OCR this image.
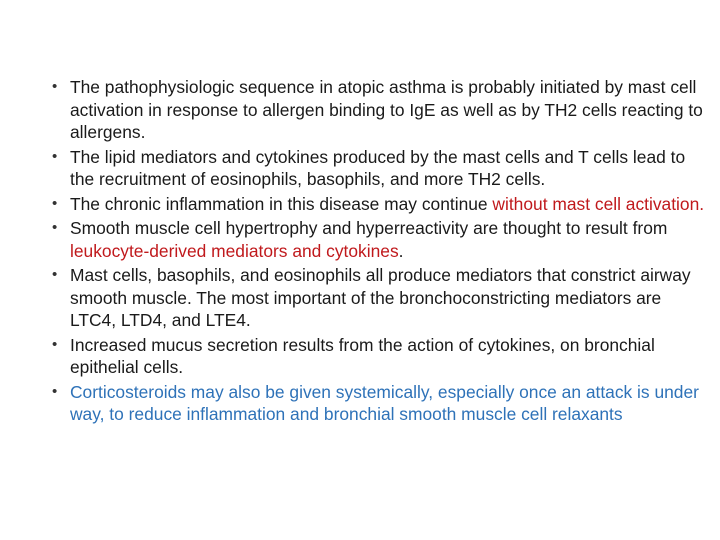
• The pathophysiologic sequence in atopic asthma is probably initiated by mast cell activation in response to allergen binding to IgE as well as by TH2 cells reacting to allergens.
• The lipid mediators and cytokines produced by the mast cells and T cells lead to the recruitment of eosinophils, basophils, and more TH2 cells.
• The chronic inflammation in this disease may continue without mast cell activation.
• Smooth muscle cell hypertrophy and hyperreactivity are thought to result from leukocyte-derived mediators and cytokines.
• Mast cells, basophils, and eosinophils all produce mediators that constrict airway smooth muscle. The most important of the bronchoconstricting mediators are LTC4, LTD4, and LTE4.
• Increased mucus secretion results from the action of cytokines, on bronchial epithelial cells.
• Corticosteroids may also be given systemically, especially once an attack is under way, to reduce inflammation and bronchial smooth muscle cell relaxants
